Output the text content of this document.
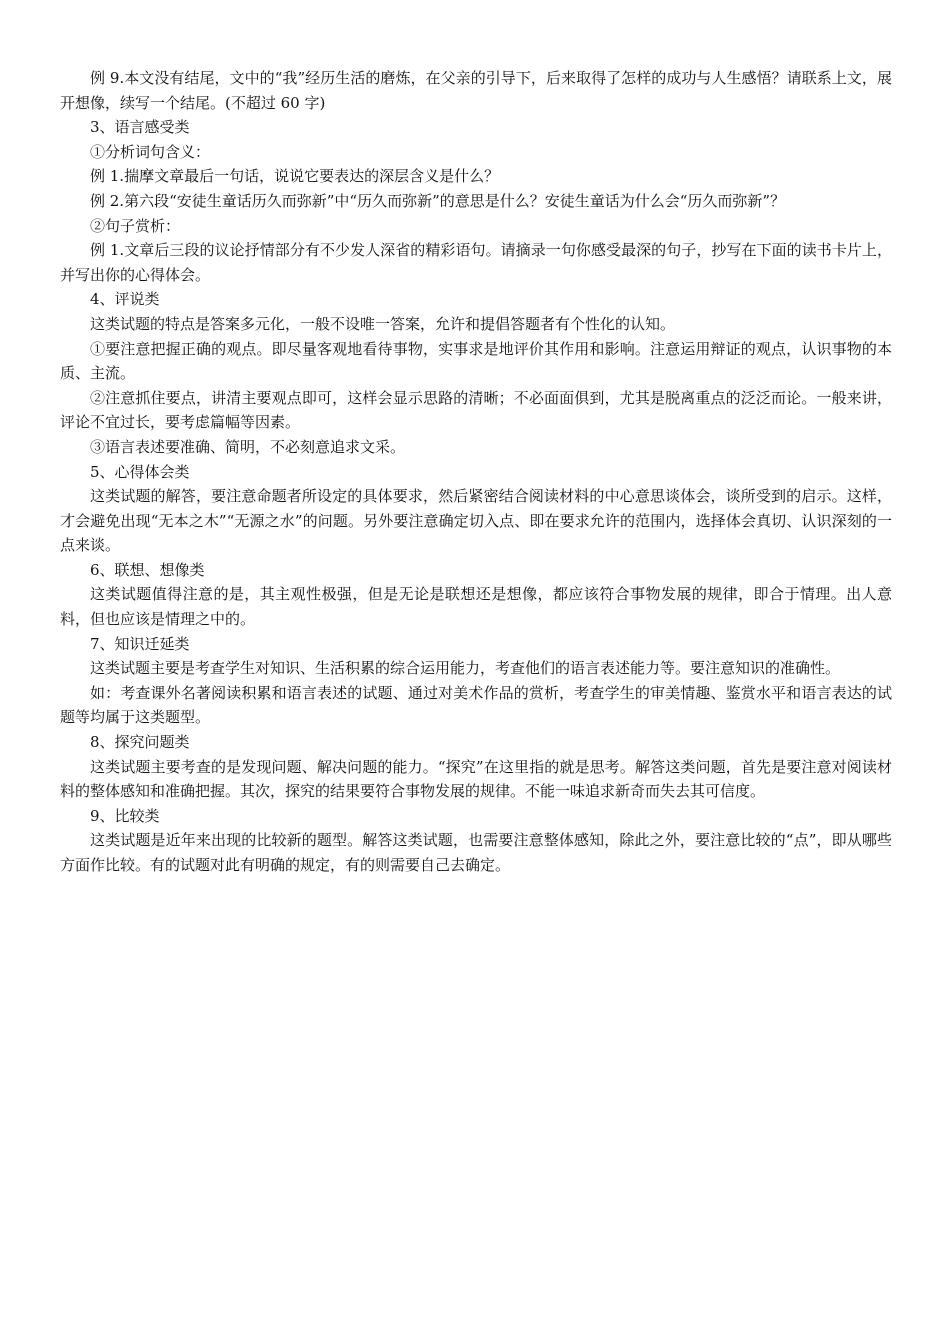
例 9.本文没有结尾，文中的“我”经历生活的磨炼，在父亲的引导下，后来取得了怎样的成功与人生感悟？请联系上文，展开想像，续写一个结尾。(不超过 60 字)

3、语言感受类

①分析词句含义：

例 1.揣摩文章最后一句话，说说它要表达的深层含义是什么？

例 2.第六段“安徒生童话历久而弥新”中“历久而弥新”的意思是什么？安徒生童话为什么会“历久而弥新”？

②句子赏析：

例 1.文章后三段的议论抒情部分有不少发人深省的精彩语句。请摘录一句你感受最深的句子，抄写在下面的读书卡片上，并写出你的心得体会。

4、评说类

这类试题的特点是答案多元化，一般不设唯一答案，允许和提倡答题者有个性化的认知。

①要注意把握正确的观点。即尽量客观地看待事物，实事求是地评价其作用和影响。注意运用辩证的观点，认识事物的本质、主流。

②注意抓住要点，讲清主要观点即可，这样会显示思路的清晰；不必面面俱到，尤其是脱离重点的泛泛而论。一般来讲，评论不宜过长，要考虑篇幅等因素。

③语言表述要准确、简明，不必刻意追求文采。

5、心得体会类

这类试题的解答，要注意命题者所设定的具体要求，然后紧密结合阅读材料的中心意思谈体会，谈所受到的启示。这样，才会避免出现“无本之木”“无源之水”的问题。另外要注意确定切入点、即在要求允许的范围内，选择体会真切、认识深刻的一点来谈。

6、联想、想像类

这类试题值得注意的是，其主观性极强，但是无论是联想还是想像，都应该符合事物发展的规律，即合于情理。出人意料，但也应该是情理之中的。

7、知识迁延类

这类试题主要是考查学生对知识、生活积累的综合运用能力，考查他们的语言表述能力等。要注意知识的准确性。

如：考查课外名著阅读积累和语言表述的试题、通过对美术作品的赏析，考查学生的审美情趣、鉴赏水平和语言表达的试题等均属于这类题型。

8、探究问题类

这类试题主要考查的是发现问题、解决问题的能力。“探究”在这里指的就是思考。解答这类问题，首先是要注意对阅读材料的整体感知和准确把握。其次，探究的结果要符合事物发展的规律。不能一味追求新奇而失去其可信度。

9、比较类

这类试题是近年来出现的比较新的题型。解答这类试题，也需要注意整体感知，除此之外，要注意比较的“点”，即从哪些方面作比较。有的试题对此有明确的规定，有的则需要自己去确定。
